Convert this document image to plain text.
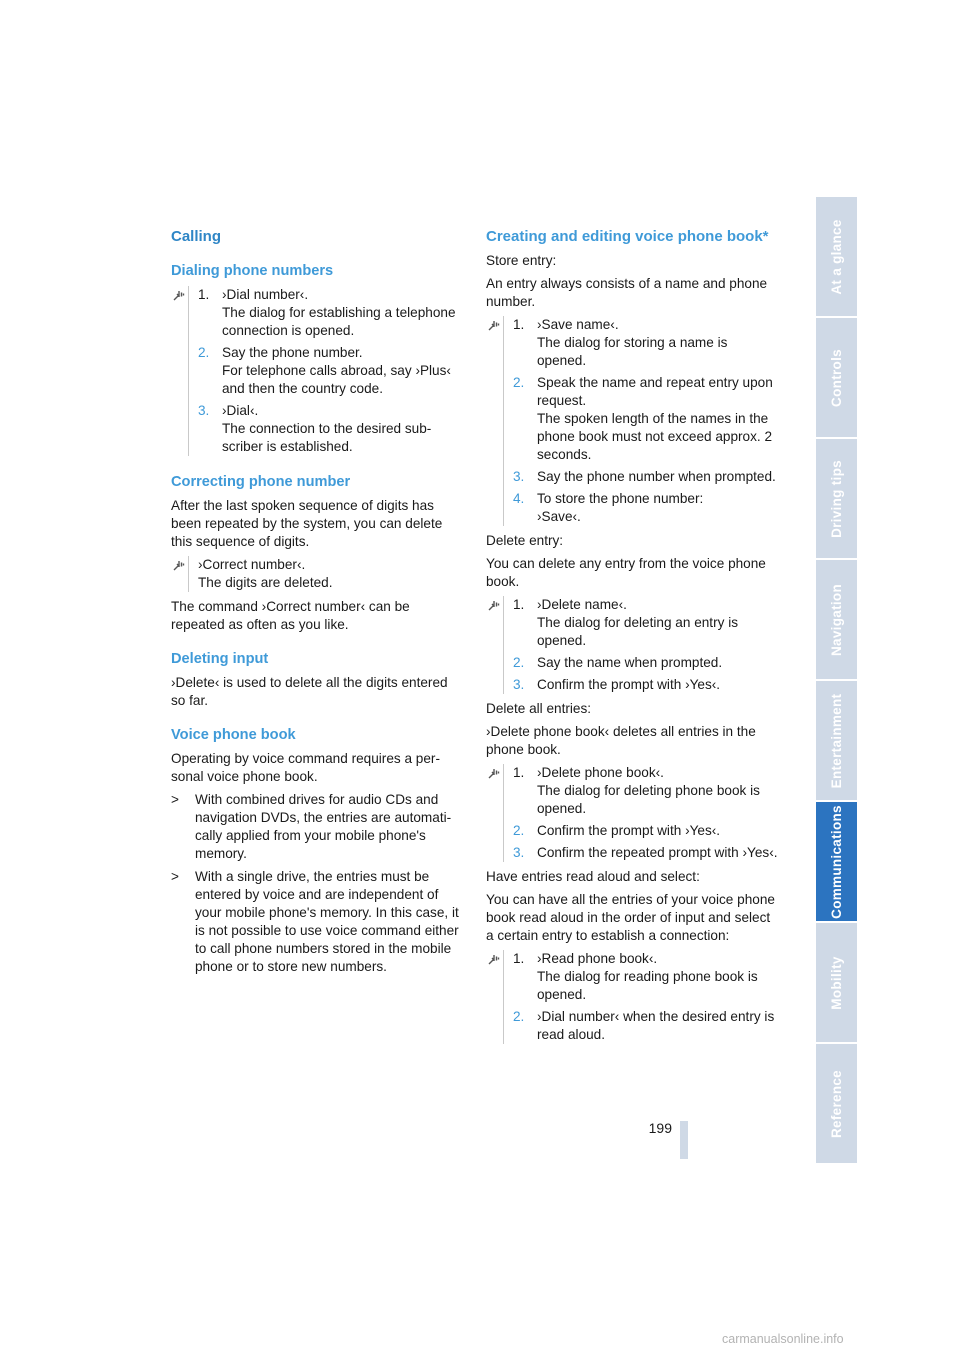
Calling
Dialing phone numbers
1. ›Dial number‹.
The dialog for establishing a telephone connection is opened.
2. Say the phone number.
For telephone calls abroad, say ›Plus‹ and then the country code.
3. ›Dial‹.
The connection to the desired sub- scriber is established.
Correcting phone number

After the last spoken sequence of digits has been repeated by the system, you can delete this sequence of digits.

›Correct number‹.
The digits are deleted.

The command ›Correct number‹ can be repeated as often as you like.

Deleting input

›Delete‹ is used to delete all the digits entered so far.

Voice phone book

Operating by voice command requires a per- sonal voice phone book.

> With combined drives for audio CDs and navigation DVDs, the entries are automati- cally applied from your mobile phone's memory.
> With a single drive, the entries must be entered by voice and are independent of your mobile phone's memory. In this case, it is not possible to use voice command either to call phone numbers stored in the mobile phone or to store new numbers.
Creating and editing voice phone book*

Store entry:

An entry always consists of a name and phone number.

1. ›Save name‹.
The dialog for storing a name is opened.
2. Speak the name and repeat entry upon request.
The spoken length of the names in the phone book must not exceed approx. 2 seconds.
3. Say the phone number when prompted.
4. To store the phone number:
›Save‹.

Delete entry:

You can delete any entry from the voice phone book.

1. ›Delete name‹.
The dialog for deleting an entry is opened.
2. Say the name when prompted.
3. Confirm the prompt with ›Yes‹.

Delete all entries:

›Delete phone book‹ deletes all entries in the phone book.

1. ›Delete phone book‹.
The dialog for deleting phone book is opened.
2. Confirm the prompt with ›Yes‹.
3. Confirm the repeated prompt with ›Yes‹.

Have entries read aloud and select:

You can have all the entries of your voice phone book read aloud in the order of input and select a certain entry to establish a connection:

1. ›Read phone book‹.
The dialog for reading phone book is opened.
2. ›Dial number‹ when the desired entry is read aloud.
At a glance
Controls
Driving tips
Navigation
Entertainment
Communications
Mobility
Reference
199
carmanualsonline.info
